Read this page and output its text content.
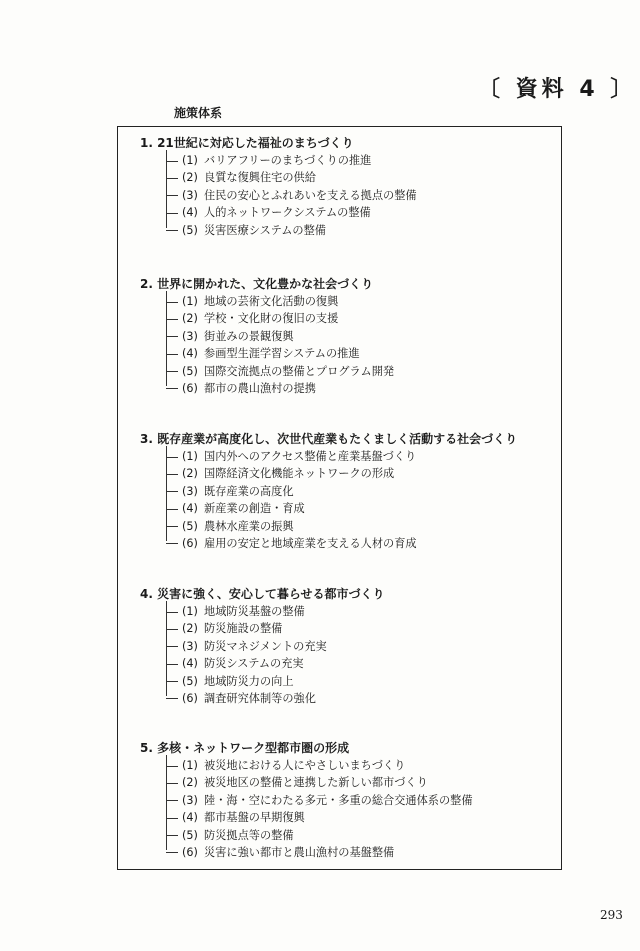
〔 資料 4 〕
施策体系
1. 21世紀に対応した福祉のまちづくり
(1) バリアフリーのまちづくりの推進
(2) 良質な復興住宅の供給
(3) 住民の安心とふれあいを支える拠点の整備
(4) 人的ネットワークシステムの整備
(5) 災害医療システムの整備
2. 世界に開かれた、文化豊かな社会づくり
(1) 地域の芸術文化活動の復興
(2) 学校・文化財の復旧の支援
(3) 街並みの景観復興
(4) 参画型生涯学習システムの推進
(5) 国際交流拠点の整備とプログラム開発
(6) 都市の農山漁村の提携
3. 既存産業が高度化し、次世代産業もたくましく活動する社会づくり
(1) 国内外へのアクセス整備と産業基盤づくり
(2) 国際経済文化機能ネットワークの形成
(3) 既存産業の高度化
(4) 新産業の創造・育成
(5) 農林水産業の振興
(6) 雇用の安定と地域産業を支える人材の育成
4. 災害に強く、安心して暮らせる都市づくり
(1) 地域防災基盤の整備
(2) 防災施設の整備
(3) 防災マネジメントの充実
(4) 防災システムの充実
(5) 地域防災力の向上
(6) 調査研究体制等の強化
5. 多核・ネットワーク型都市圏の形成
(1) 被災地における人にやさしいまちづくり
(2) 被災地区の整備と連携した新しい都市づくり
(3) 陸・海・空にわたる多元・多重の総合交通体系の整備
(4) 都市基盤の早期復興
(5) 防災拠点等の整備
(6) 災害に強い都市と農山漁村の基盤整備
293
